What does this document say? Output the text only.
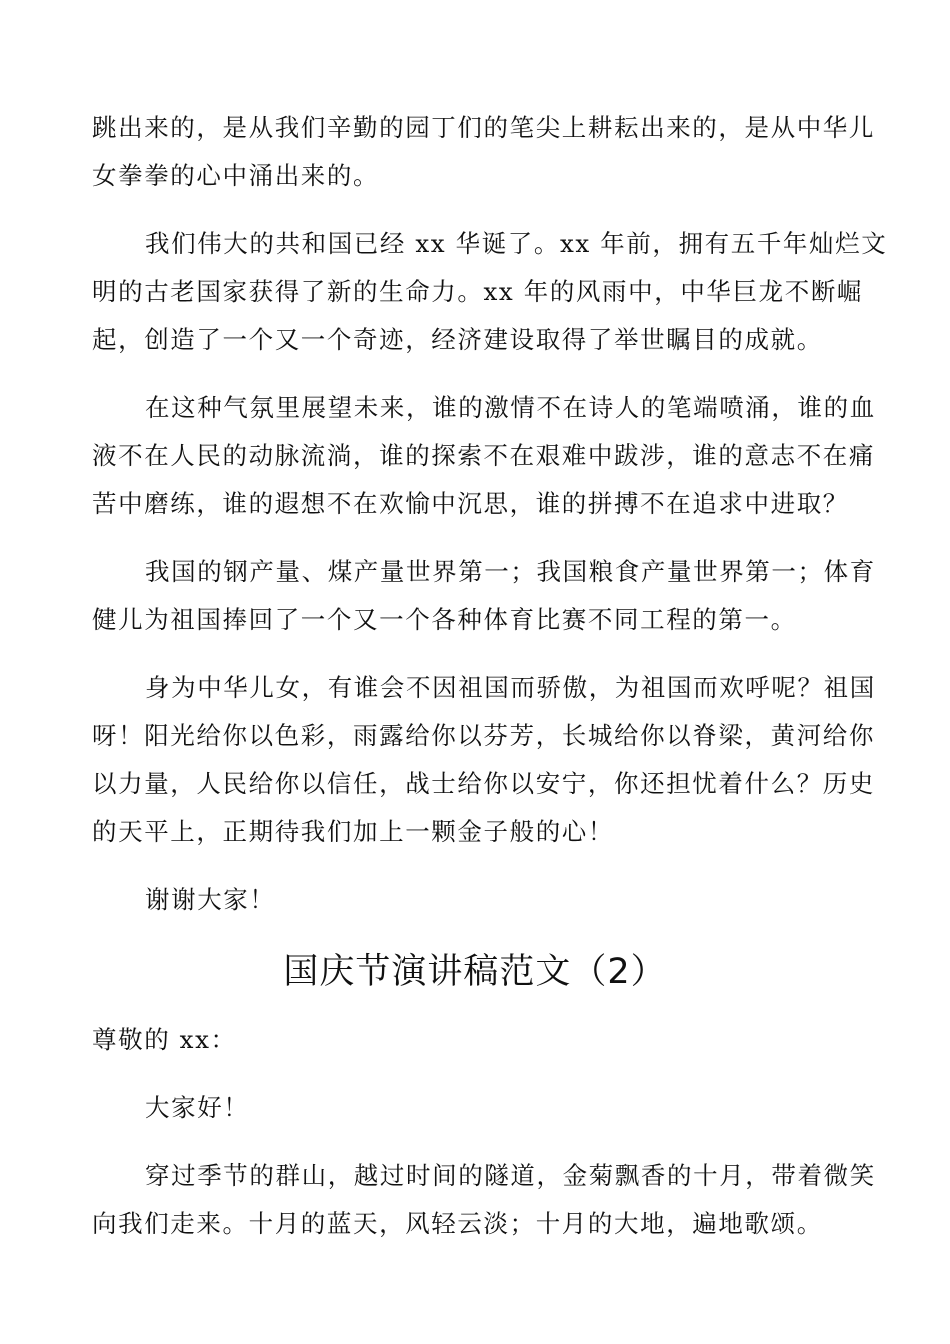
跳出来的，是从我们辛勤的园丁们的笔尖上耕耘出来的，是从中华儿
女拳拳的心中涌出来的。
我们伟大的共和国已经 xx 华诞了。xx 年前，拥有五千年灿烂文
明的古老国家获得了新的生命力。xx 年的风雨中，中华巨龙不断崛
起，创造了一个又一个奇迹，经济建设取得了举世瞩目的成就。
在这种气氛里展望未来，谁的激情不在诗人的笔端喷涌，谁的血
液不在人民的动脉流淌，谁的探索不在艰难中跋涉，谁的意志不在痛
苦中磨练，谁的遐想不在欢愉中沉思，谁的拼搏不在追求中进取？
我国的钢产量、煤产量世界第一；我国粮食产量世界第一；体育
健儿为祖国捧回了一个又一个各种体育比赛不同工程的第一。
身为中华儿女，有谁会不因祖国而骄傲，为祖国而欢呼呢？祖国
呀！阳光给你以色彩，雨露给你以芬芳，长城给你以脊梁，黄河给你
以力量，人民给你以信任，战士给你以安宁，你还担忧着什么？历史
的天平上，正期待我们加上一颗金子般的心！
谢谢大家！
国庆节演讲稿范文（2）
尊敬的 xx：
大家好！
穿过季节的群山，越过时间的隧道，金菊飘香的十月，带着微笑
向我们走来。十月的蓝天，风轻云淡；十月的大地，遍地歌颂。
